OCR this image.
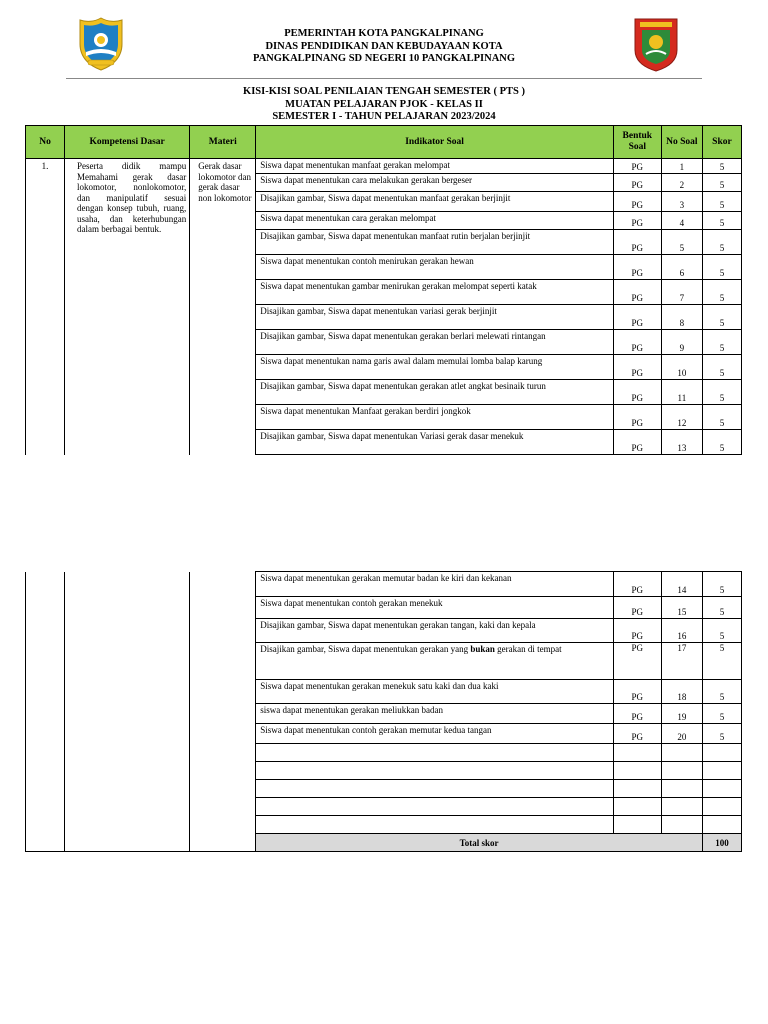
PEMERINTAH KOTA PANGKALPINANG
DINAS PENDIDIKAN DAN KEBUDAYAAN KOTA
PANGKALPINANG SD NEGERI 10 PANGKALPINANG
KISI-KISI SOAL PENILAIAN TENGAH SEMESTER ( PTS )
MUATAN PELAJARAN PJOK - KELAS II
SEMESTER I - TAHUN PELAJARAN 2023/2024
No	Kompetensi Dasar	Materi	Indikator Soal	Bentuk Soal	No Soal	Skor
1.	Peserta didik mampu Memahami gerak dasar lokomotor, nonlokomotor, dan manipulatif sesuai dengan konsep tubuh, ruang, usaha, dan keterhubungan dalam berbagai bentuk.	Gerak dasar lokomotor dan gerak dasar non lokomotor	Siswa dapat menentukan manfaat gerakan melompat	PG	1	5
			Siswa dapat menentukan cara melakukan gerakan bergeser	PG	2	5
			Disajikan gambar, Siswa dapat menentukan manfaat gerakan berjinjit	PG	3	5
			Siswa dapat menentukan cara gerakan melompat	PG	4	5
			Disajikan gambar, Siswa dapat menentukan manfaat rutin berjalan berjinjit	PG	5	5
			Siswa dapat menentukan contoh menirukan gerakan hewan	PG	6	5
			Siswa dapat menentukan gambar menirukan gerakan melompat seperti katak	PG	7	5
			Disajikan gambar, Siswa dapat menentukan variasi gerak berjinjit	PG	8	5
			Disajikan gambar, Siswa dapat menentukan gerakan berlari melewati rintangan	PG	9	5
			Siswa dapat menentukan nama garis awal dalam memulai lomba balap karung	PG	10	5
			Disajikan gambar, Siswa dapat menentukan gerakan atlet angkat besinaik turun	PG	11	5
			Siswa dapat menentukan Manfaat gerakan berdiri jongkok	PG	12	5
			Disajikan gambar, Siswa dapat menentukan Variasi gerak dasar menekuk	PG	13	5
			Siswa dapat menentukan gerakan memutar badan ke kiri dan kekanan	PG	14	5
			Siswa dapat menentukan contoh gerakan menekuk	PG	15	5
			Disajikan gambar, Siswa dapat menentukan gerakan tangan, kaki dan kepala	PG	16	5
			Disajikan gambar, Siswa dapat menentukan gerakan yang bukan gerakan di tempat	PG	17	5
			Siswa dapat menentukan gerakan menekuk satu kaki dan dua kaki	PG	18	5
			siswa dapat menentukan gerakan meliukkan badan	PG	19	5
			Siswa dapat menentukan contoh gerakan memutar kedua tangan	PG	20	5

			Total skor			100
